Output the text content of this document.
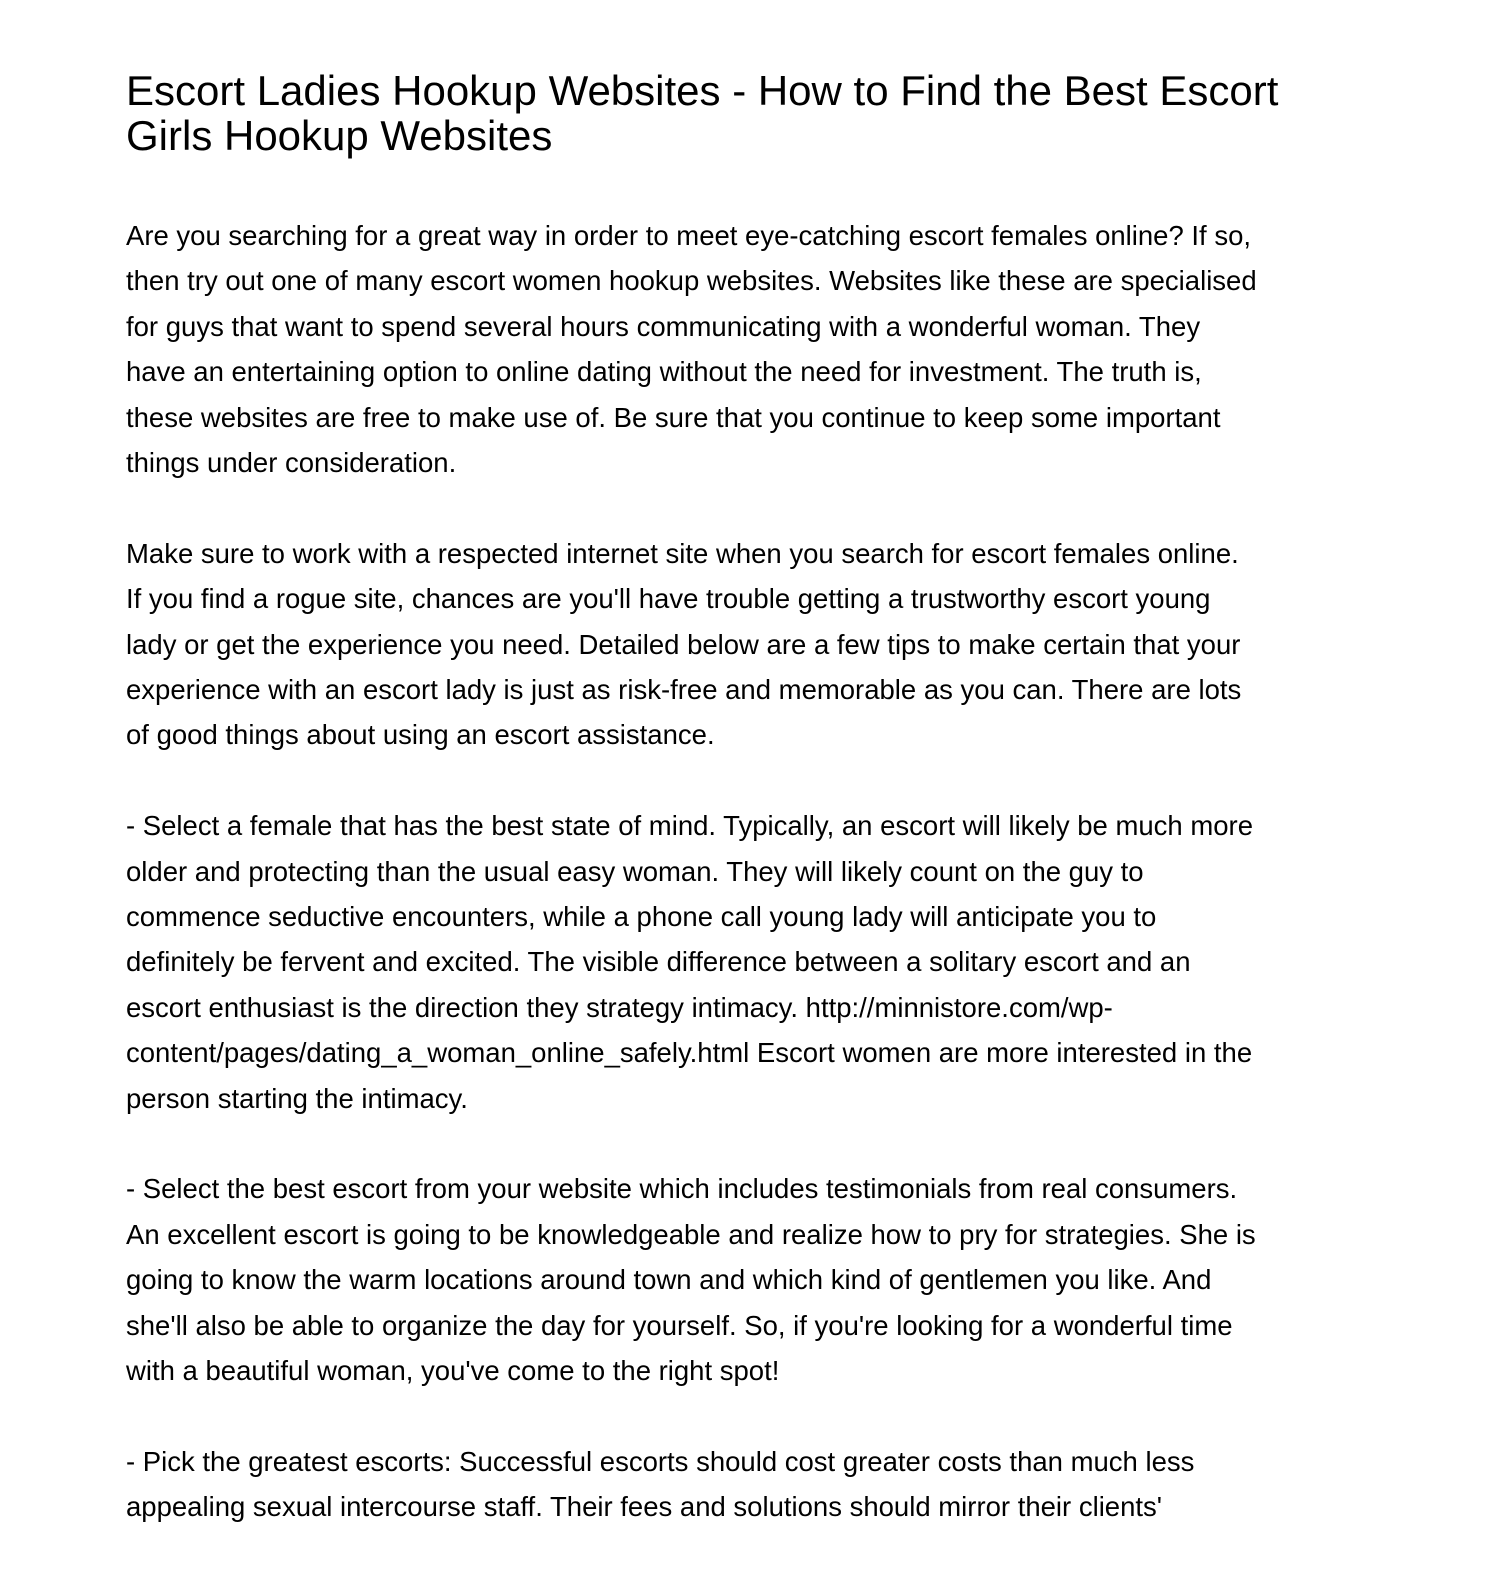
Escort Ladies Hookup Websites - How to Find the Best Escort
Girls Hookup Websites

Are you searching for a great way in order to meet eye-catching escort females online? If so,
then try out one of many escort women hookup websites. Websites like these are specialised
for guys that want to spend several hours communicating with a wonderful woman. They
have an entertaining option to online dating without the need for investment. The truth is,
these websites are free to make use of. Be sure that you continue to keep some important
things under consideration.

Make sure to work with a respected internet site when you search for escort females online.
If you find a rogue site, chances are you'll have trouble getting a trustworthy escort young
lady or get the experience you need. Detailed below are a few tips to make certain that your
experience with an escort lady is just as risk-free and memorable as you can. There are lots
of good things about using an escort assistance.

- Select a female that has the best state of mind. Typically, an escort will likely be much more
older and protecting than the usual easy woman. They will likely count on the guy to
commence seductive encounters, while a phone call young lady will anticipate you to
definitely be fervent and excited. The visible difference between a solitary escort and an
escort enthusiast is the direction they strategy intimacy. http://minnistore.com/wp-
content/pages/dating_a_woman_online_safely.html Escort women are more interested in the
person starting the intimacy.

- Select the best escort from your website which includes testimonials from real consumers.
An excellent escort is going to be knowledgeable and realize how to pry for strategies. She is
going to know the warm locations around town and which kind of gentlemen you like. And
she'll also be able to organize the day for yourself. So, if you're looking for a wonderful time
with a beautiful woman, you've come to the right spot!

- Pick the greatest escorts: Successful escorts should cost greater costs than much less
appealing sexual intercourse staff. Their fees and solutions should mirror their clients'
